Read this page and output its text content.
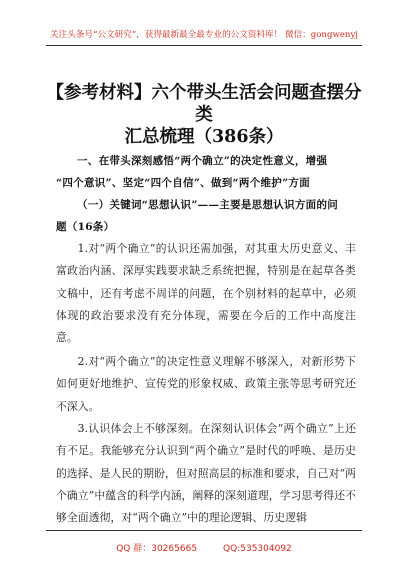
关注头条号“公文研究”，获得最新最全最专业的公文资料库！ 微信：gongwenyj
【参考材料】六个带头生活会问题查摆分类
汇总梳理（386条）
一、在带头深刻感悟“两个确立”的决定性意义，增强
“四个意识”、坚定“四个自信”、做到“两个维护”方面
（一）关键词“思想认识”——主要是思想认识方面的问
题（16条）

1.对“两个确立”的认识还需加强，对其重大历史意义、丰富政治内涵、深厚实践要求缺乏系统把握，特别是在起草各类文稿中，还有考虑不周详的问题，在个别材料的起草中，必须体现的政治要求没有充分体现，需要在今后的工作中高度注意。

2.对“两个确立”的决定性意义理解不够深入，对新形势下如何更好地维护、宣传党的形象权威、政策主张等思考研究还不深入。

3.认识体会上不够深刻。在深刻认识体会“两个确立”上还有不足。我能够充分认识到“两个确立”是时代的呼唤、是历史的选择、是人民的期盼，但对照高层的标准和要求，自己对“两个确立”中蕴含的科学内涵，阐释的深刻道理，学习思考得还不够全面透彻，对“两个确立”中的理论逻辑、历史逻辑

QQ 群：30265665	QQ:535304092
